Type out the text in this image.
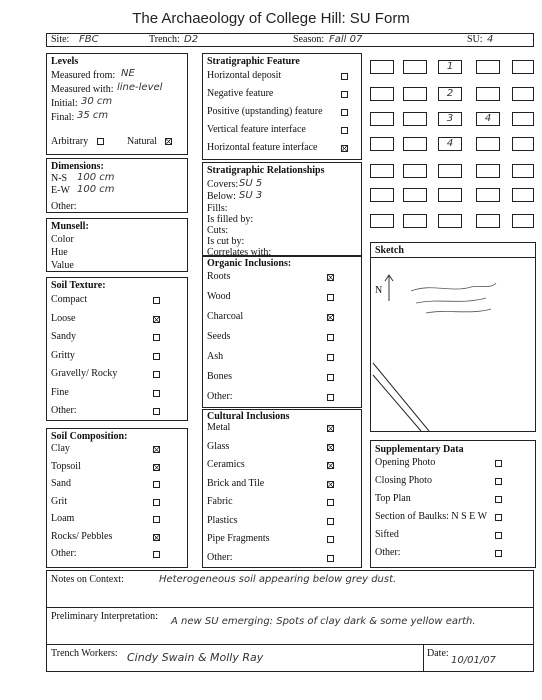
The Archaeology of College Hill: SU Form
Site: FBC	Trench: D2	Season: Fall 07	SU: 4
Levels
Measured from: NE
Measured with: line-level
Initial: 30 cm
Final: 35 cm
Arbitrary	Natural
Dimensions:
N-S 100 cm
E-W 100 cm
Other:
Munsell:
Color
Hue
Value
Soil Texture:
Compact
Loose
Sandy
Gritty
Gravelly/ Rocky
Fine
Other:
Soil Composition:
Clay
Topsoil
Sand
Grit
Loam
Rocks/ Pebbles
Other:
Stratigraphic Feature
Horizontal deposit
Negative feature
Positive (upstanding) feature
Vertical feature interface
Horizontal feature interface
Stratigraphic Relationships
Covers: SU 5
Below: SU 3
Fills:
Is filled by:
Cuts:
Is cut by:
Correlates with:
Organic Inclusions:
Roots
Wood
Charcoal
Seeds
Ash
Bones
Other:
Cultural Inclusions
Metal
Glass
Ceramics
Brick and Tile
Fabric
Plastics
Pipe Fragments
Other:
1
2
3	4
4
Sketch
N
Supplementary Data
Opening Photo
Closing Photo
Top Plan
Section of Baulks: N S E W
Sifted
Other:
Notes on Context:	Heterogeneous soil appearing below grey dust.
Preliminary Interpretation: A new SU emerging: Spots of clay dark & some yellow earth.
Trench Workers: Cindy Swain & Molly Ray	Date:
10/01/07
